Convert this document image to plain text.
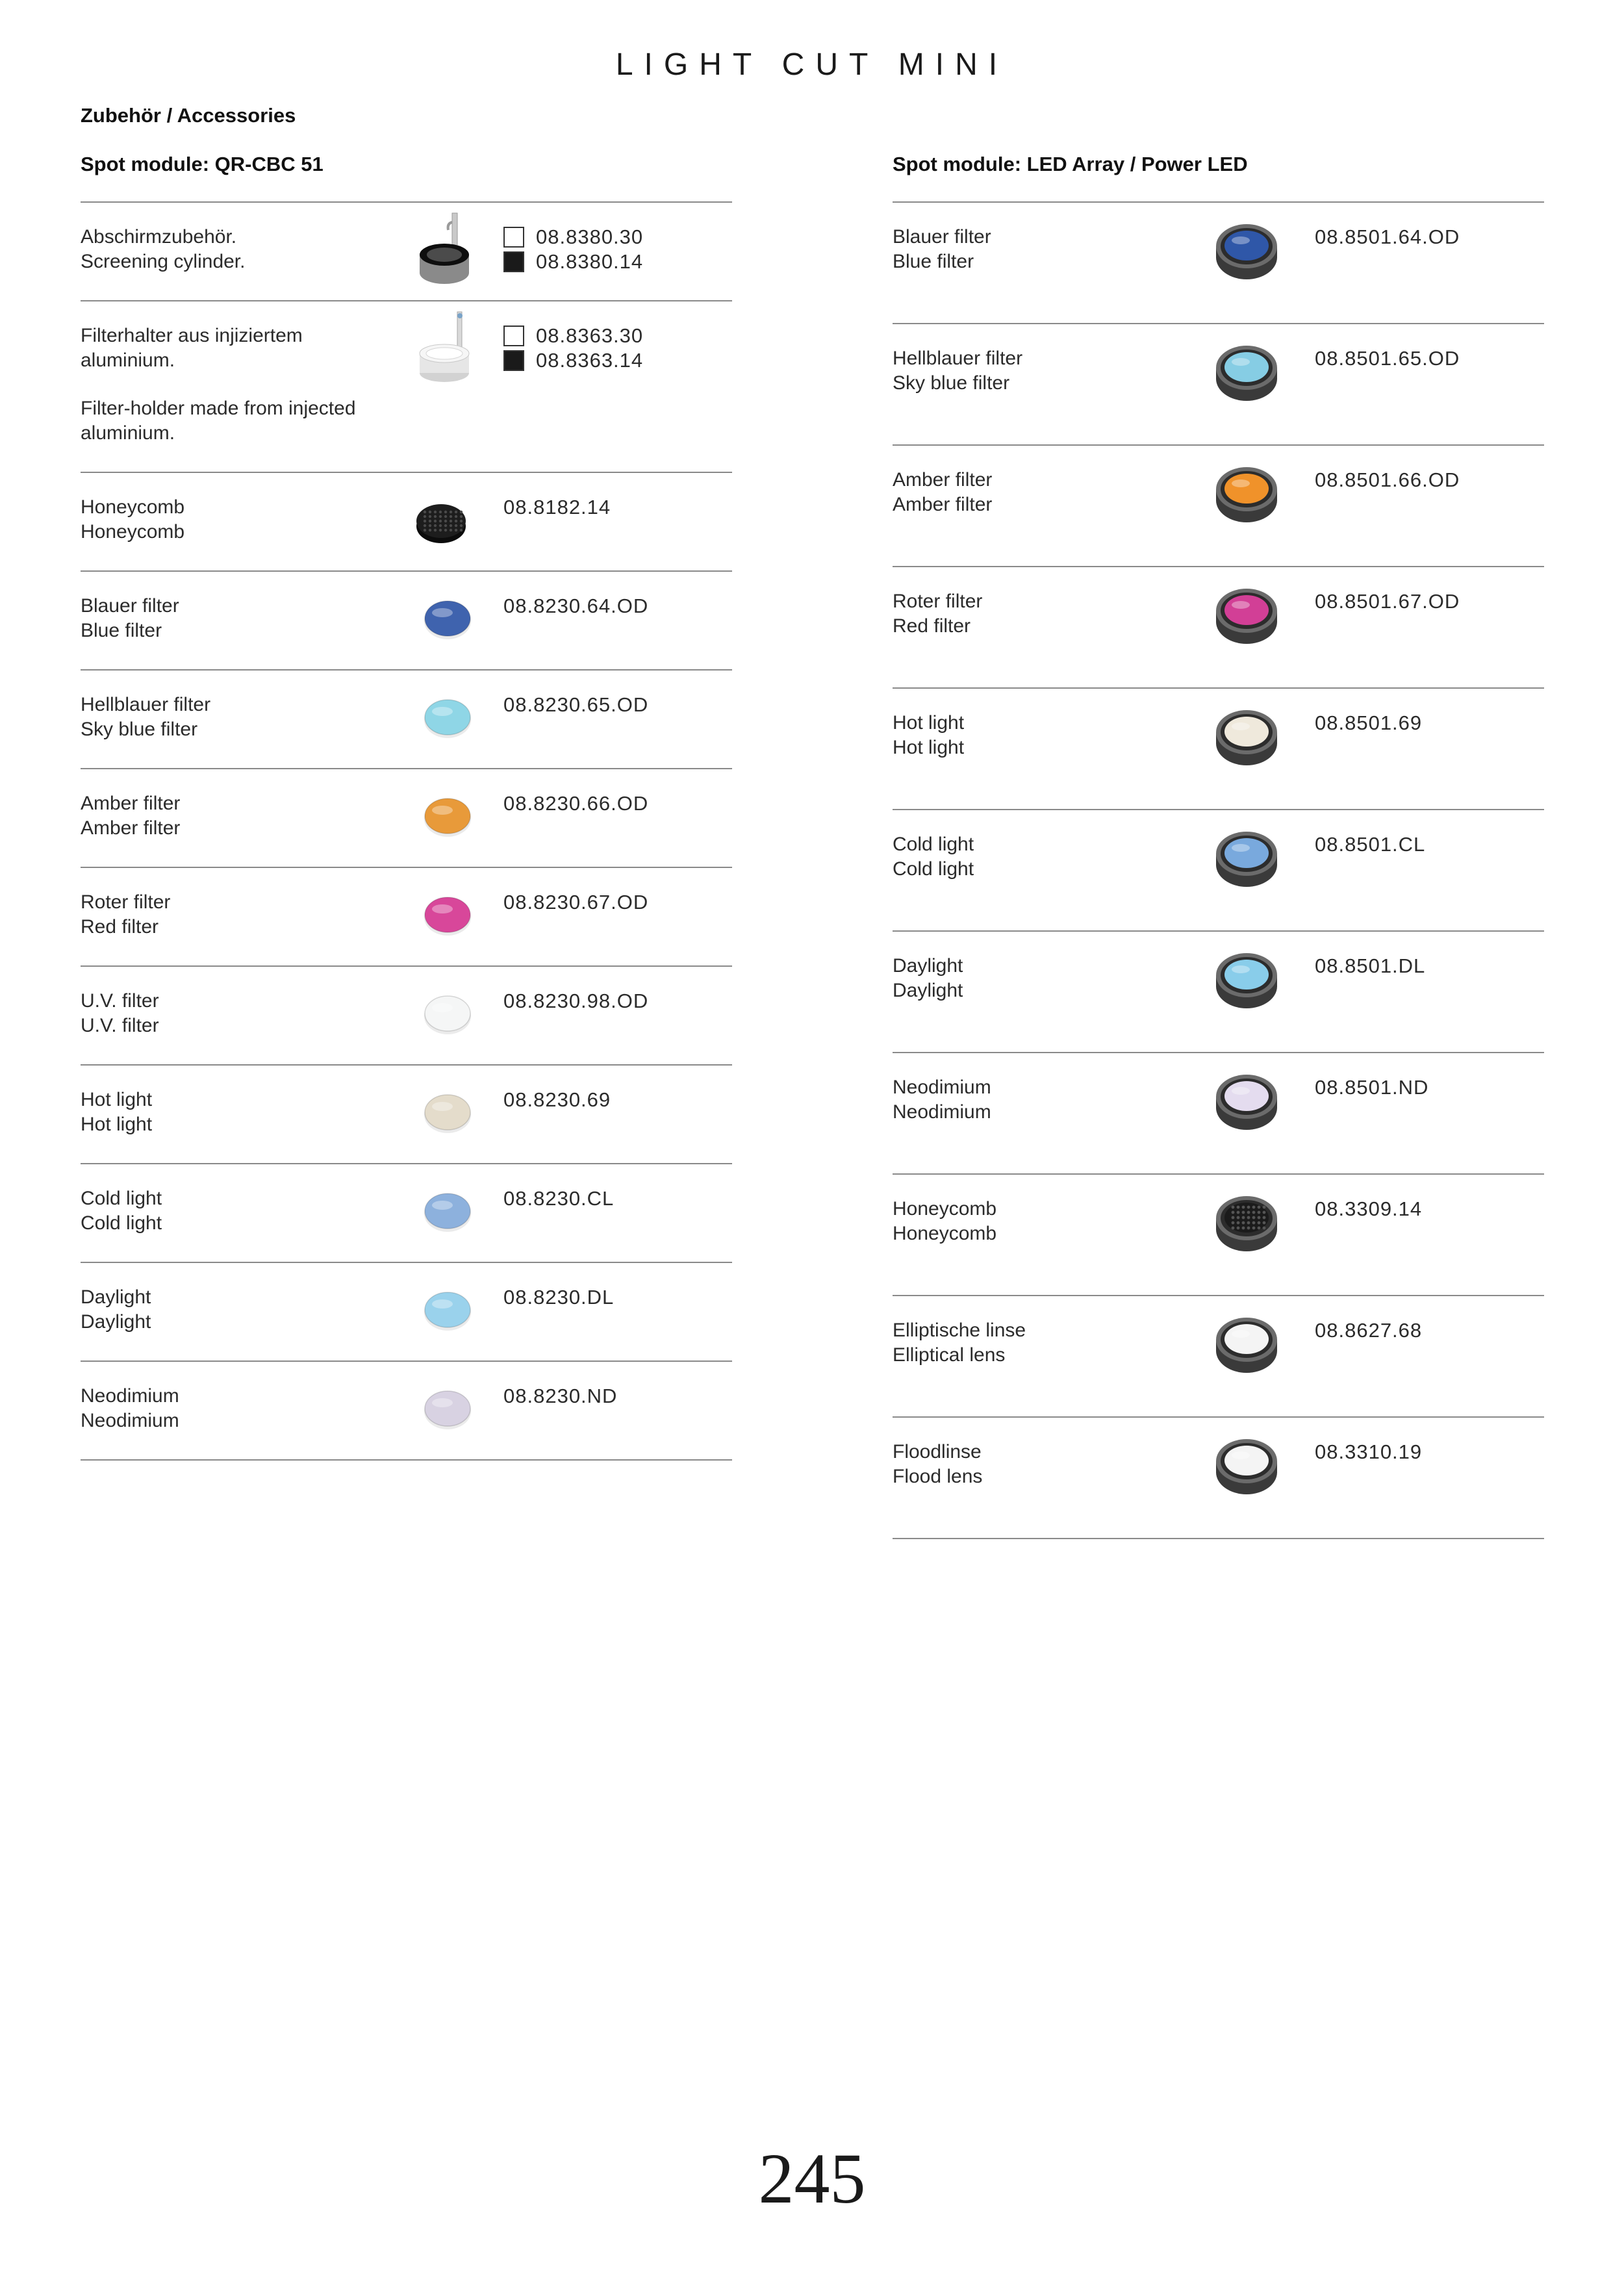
LIGHT CUT MINI
Zubehör / Accessories
Spot module: QR-CBC 51	Spot module: LED Array / Power LED
Abschirmzubehör.
Screening cylinder.
08.8380.30
08.8380.14
Filterhalter aus injiziertem
aluminium.
Filter-holder made from injected
aluminium.
08.8363.30
08.8363.14
Honeycomb
Honeycomb
08.8182.14
Blauer filter
Blue filter
08.8230.64.OD
Hellblauer filter
Sky blue filter
08.8230.65.OD
Amber filter
Amber filter
08.8230.66.OD
Roter filter
Red filter
08.8230.67.OD
U.V. filter
U.V. filter
08.8230.98.OD
Hot light
Hot light
08.8230.69
Cold light
Cold light
08.8230.CL
Daylight
Daylight
08.8230.DL
Neodimium
Neodimium
08.8230.ND
Blauer filter
Blue filter
08.8501.64.OD
Hellblauer filter
Sky blue filter
08.8501.65.OD
Amber filter
Amber filter
08.8501.66.OD
Roter filter
Red filter
08.8501.67.OD
Hot light
Hot light
08.8501.69
Cold light
Cold light
08.8501.CL
Daylight
Daylight
08.8501.DL
Neodimium
Neodimium
08.8501.ND
Honeycomb
Honeycomb
08.3309.14
Elliptische linse
Elliptical lens
08.8627.68
Floodlinse
Flood lens
08.3310.19
245
